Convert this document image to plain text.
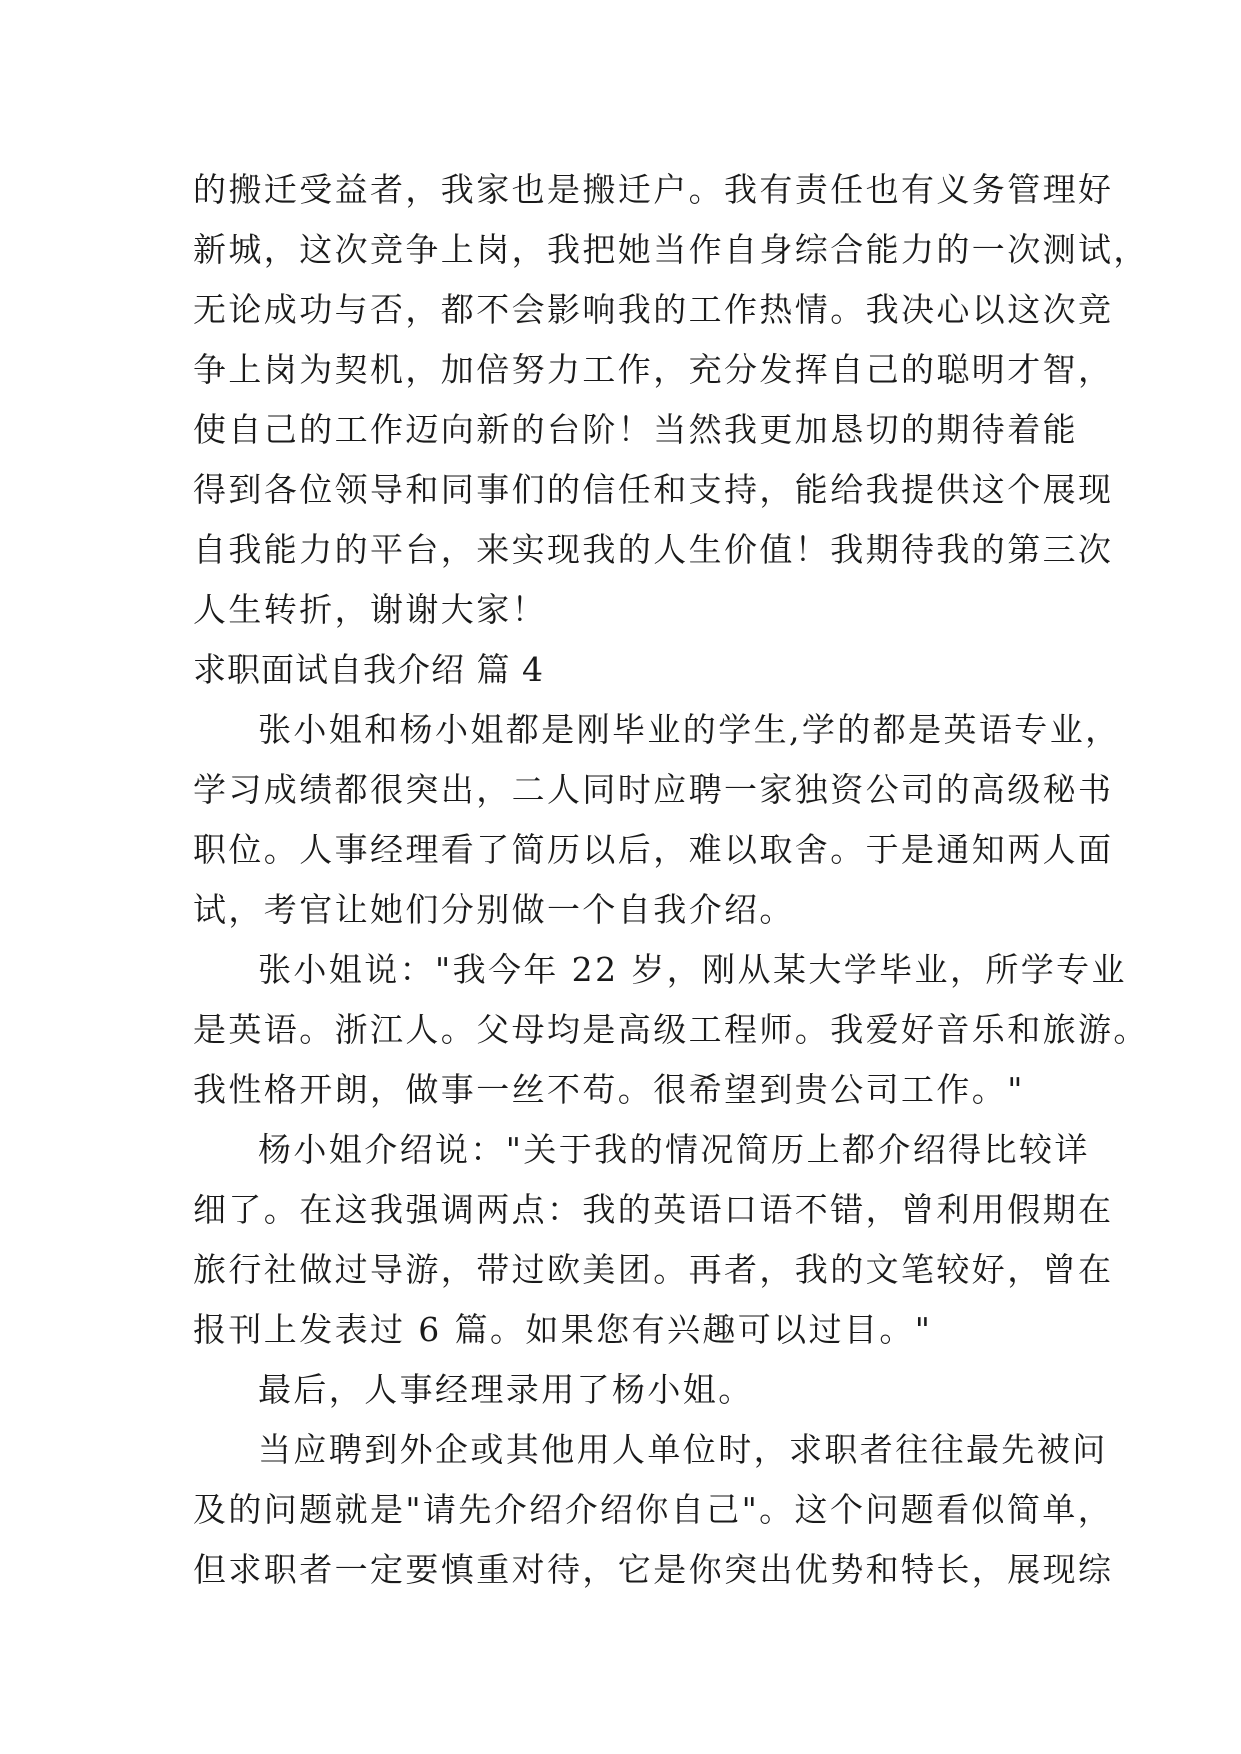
的搬迁受益者，我家也是搬迁户。我有责任也有义务管理好
新城，这次竞争上岗，我把她当作自身综合能力的一次测试，
无论成功与否，都不会影响我的工作热情。我决心以这次竞
争上岗为契机，加倍努力工作，充分发挥自己的聪明才智，
使自己的工作迈向新的台阶！当然我更加恳切的期待着能
得到各位领导和同事们的信任和支持，能给我提供这个展现
自我能力的平台，来实现我的人生价值！我期待我的第三次
人生转折，谢谢大家！
求职面试自我介绍 篇 4
张小姐和杨小姐都是刚毕业的学生,学的都是英语专业，
学习成绩都很突出，二人同时应聘一家独资公司的高级秘书
职位。人事经理看了简历以后，难以取舍。于是通知两人面
试，考官让她们分别做一个自我介绍。
张小姐说："我今年 22 岁，刚从某大学毕业，所学专业
是英语。浙江人。父母均是高级工程师。我爱好音乐和旅游。
我性格开朗，做事一丝不苟。很希望到贵公司工作。"
杨小姐介绍说："关于我的情况简历上都介绍得比较详
细了。在这我强调两点：我的英语口语不错，曾利用假期在
旅行社做过导游，带过欧美团。再者，我的文笔较好，曾在
报刊上发表过 6 篇。如果您有兴趣可以过目。"
最后，人事经理录用了杨小姐。
当应聘到外企或其他用人单位时，求职者往往最先被问
及的问题就是"请先介绍介绍你自己"。这个问题看似简单，
但求职者一定要慎重对待，它是你突出优势和特长，展现综
